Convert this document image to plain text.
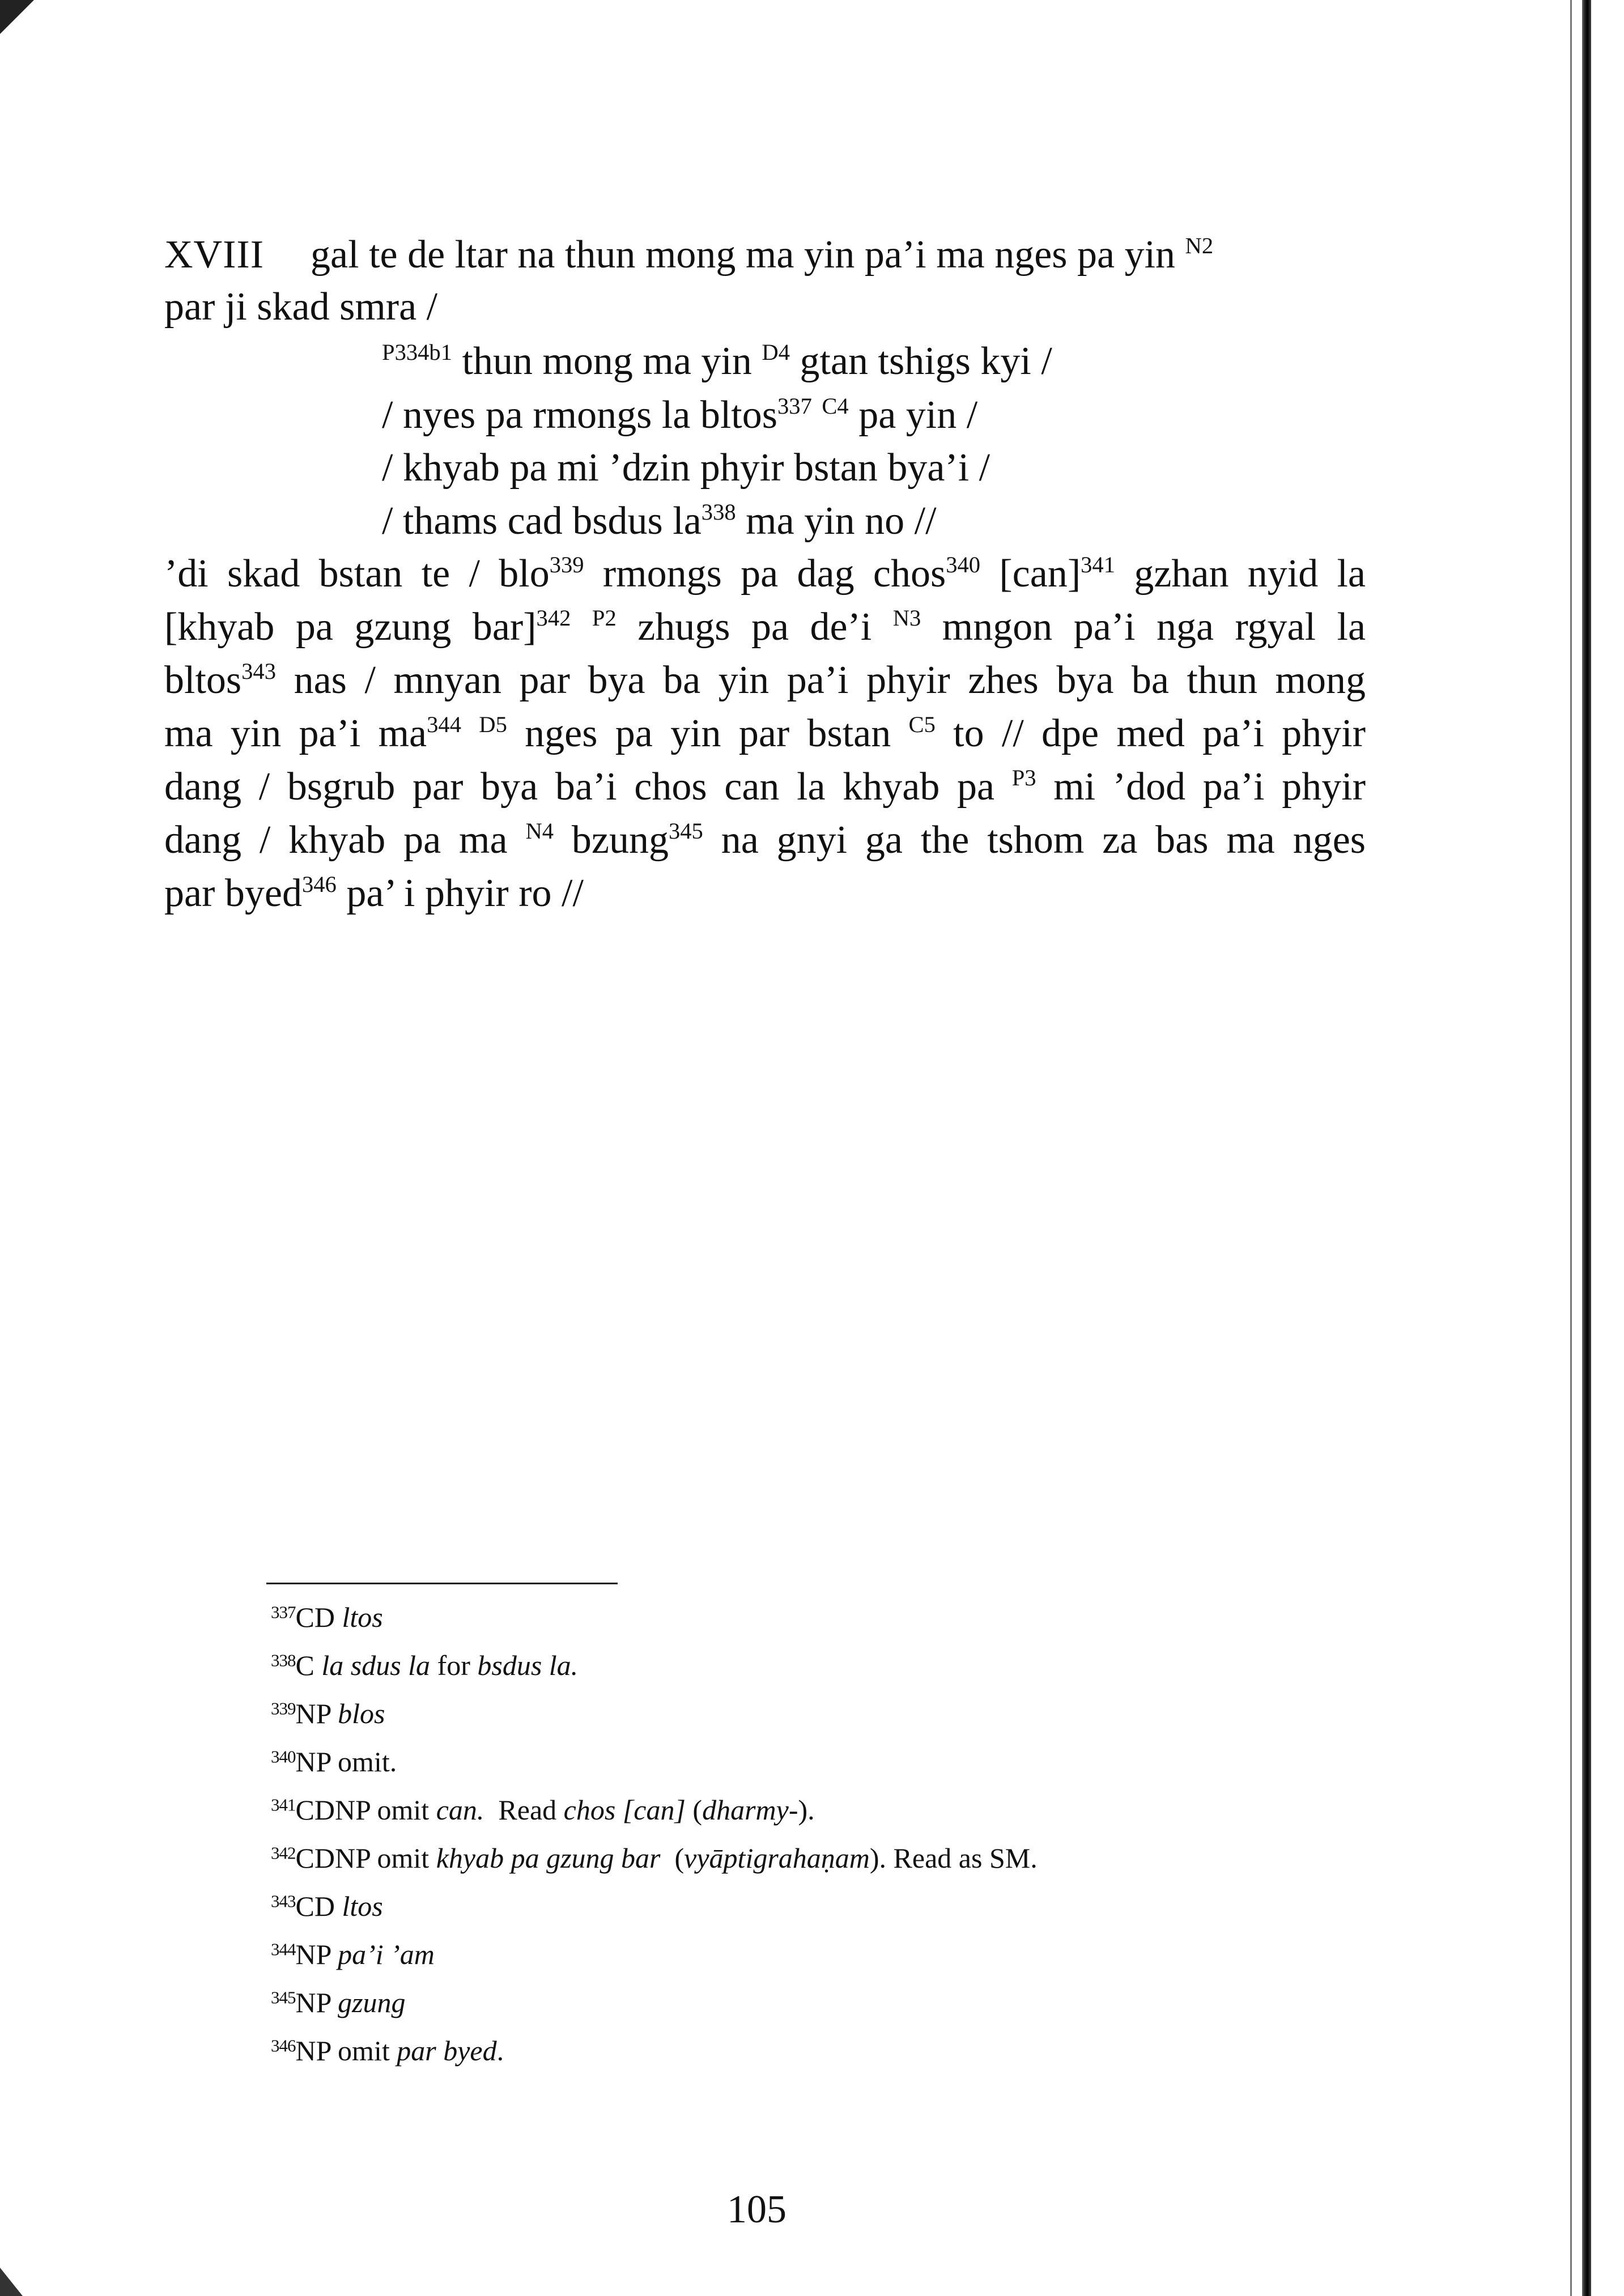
XVIII gal te de ltar na thun mong ma yin pa’i ma nges pa yin $^{N2}$
par ji skad smra /
$^{P334b1}$ thun mong ma yin $^{D4}$ gtan tshigs kyi /
/ nyes pa rmongs la bltos$^{337}$ $^{C4}$ pa yin /
/ khyab pa mi ’dzin phyir bstan bya’i /
/ thams cad bsdus $la^{338}$ ma yin no //
’di skad bstan te / blo$^{339}$ rmongs pa dag chos$^{340}$ [can]$^{341}$ gzhan nyid la
[khyab pa gzung bar]$^{342}$ $^{P2}$ zhugs pa de’i $^{N3}$ mngon pa’i nga rgyal la
bltos$^{343}$ nas / mnyan par bya ba yin pa’i phyir zhes bya ba thun mong
ma yin pa’i $ma^{344}$ $^{D5}$ nges pa yin par bstan $^{C5}$ to // dpe med pa’i phyir
dang / bsgrub par bya ba’i chos can la khyab pa $^{P3}$ mi ’dod pa’i phyir
dang / khyab pa ma $^{N4}$ bzung$^{345}$ na gnyi ga the tshom za bas ma nges
par byed$^{346}$ pa’ i phyir ro //
$^{337}$CD ltos
$^{338}$C la sdus la for bsdus la.
$^{339}$NP blos
$^{340}$NP omit.
$^{341}$CDNP omit can. Read chos [can] (dharmy-).
$^{342}$CDNP omit khyab pa gzung bar (vyāptigrahaṇam). Read as SM.
$^{343}$CD ltos
$^{344}$NP pa’i ’am
$^{345}$NP gzung
$^{346}$NP omit par byed.
105
